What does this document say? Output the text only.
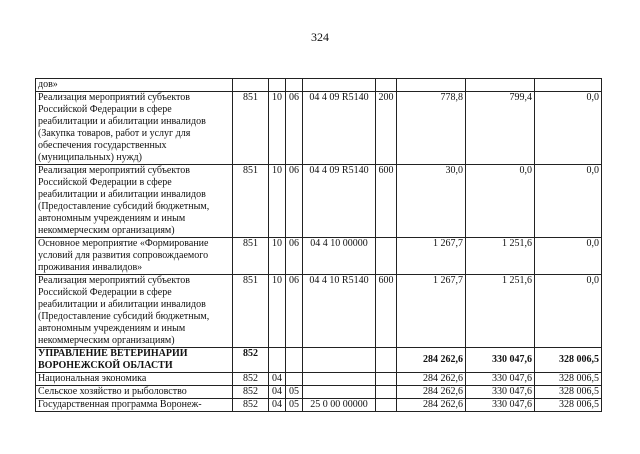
324
дов»								
Реализация мероприятий субъектов Российской Федерации в сфере реабилитации и абилитации инвалидов (Закупка товаров, работ и услуг для обеспечения государственных (муниципальных) нужд)	851	10	06	04 4 09 R5140	200	778,8	799,4	0,0
Реализация мероприятий субъектов Российской Федерации в сфере реабилитации и абилитации инвалидов (Предоставление субсидий бюджетным, автономным учреждениям и иным некоммерческим организациям)	851	10	06	04 4 09 R5140	600	30,0	0,0	0,0
Основное мероприятие «Формирование условий для развития сопровождаемого проживания инвалидов»	851	10	06	04 4 10 00000		1 267,7	1 251,6	0,0
Реализация мероприятий субъектов Российской Федерации в сфере реабилитации и абилитации инвалидов (Предоставление субсидий бюджетным, автономным учреждениям и иным некоммерческим организациям)	851	10	06	04 4 10 R5140	600	1 267,7	1 251,6	0,0
УПРАВЛЕНИЕ ВЕТЕРИНАРИИ ВОРОНЕЖСКОЙ ОБЛАСТИ	852					284 262,6	330 047,6	328 006,5
Национальная экономика	852	04				284 262,6	330 047,6	328 006,5
Сельское хозяйство и рыболовство	852	04	05			284 262,6	330 047,6	328 006,5
Государственная программа Воронеж-	852	04	05	25 0 00 00000		284 262,6	330 047,6	328 006,5
